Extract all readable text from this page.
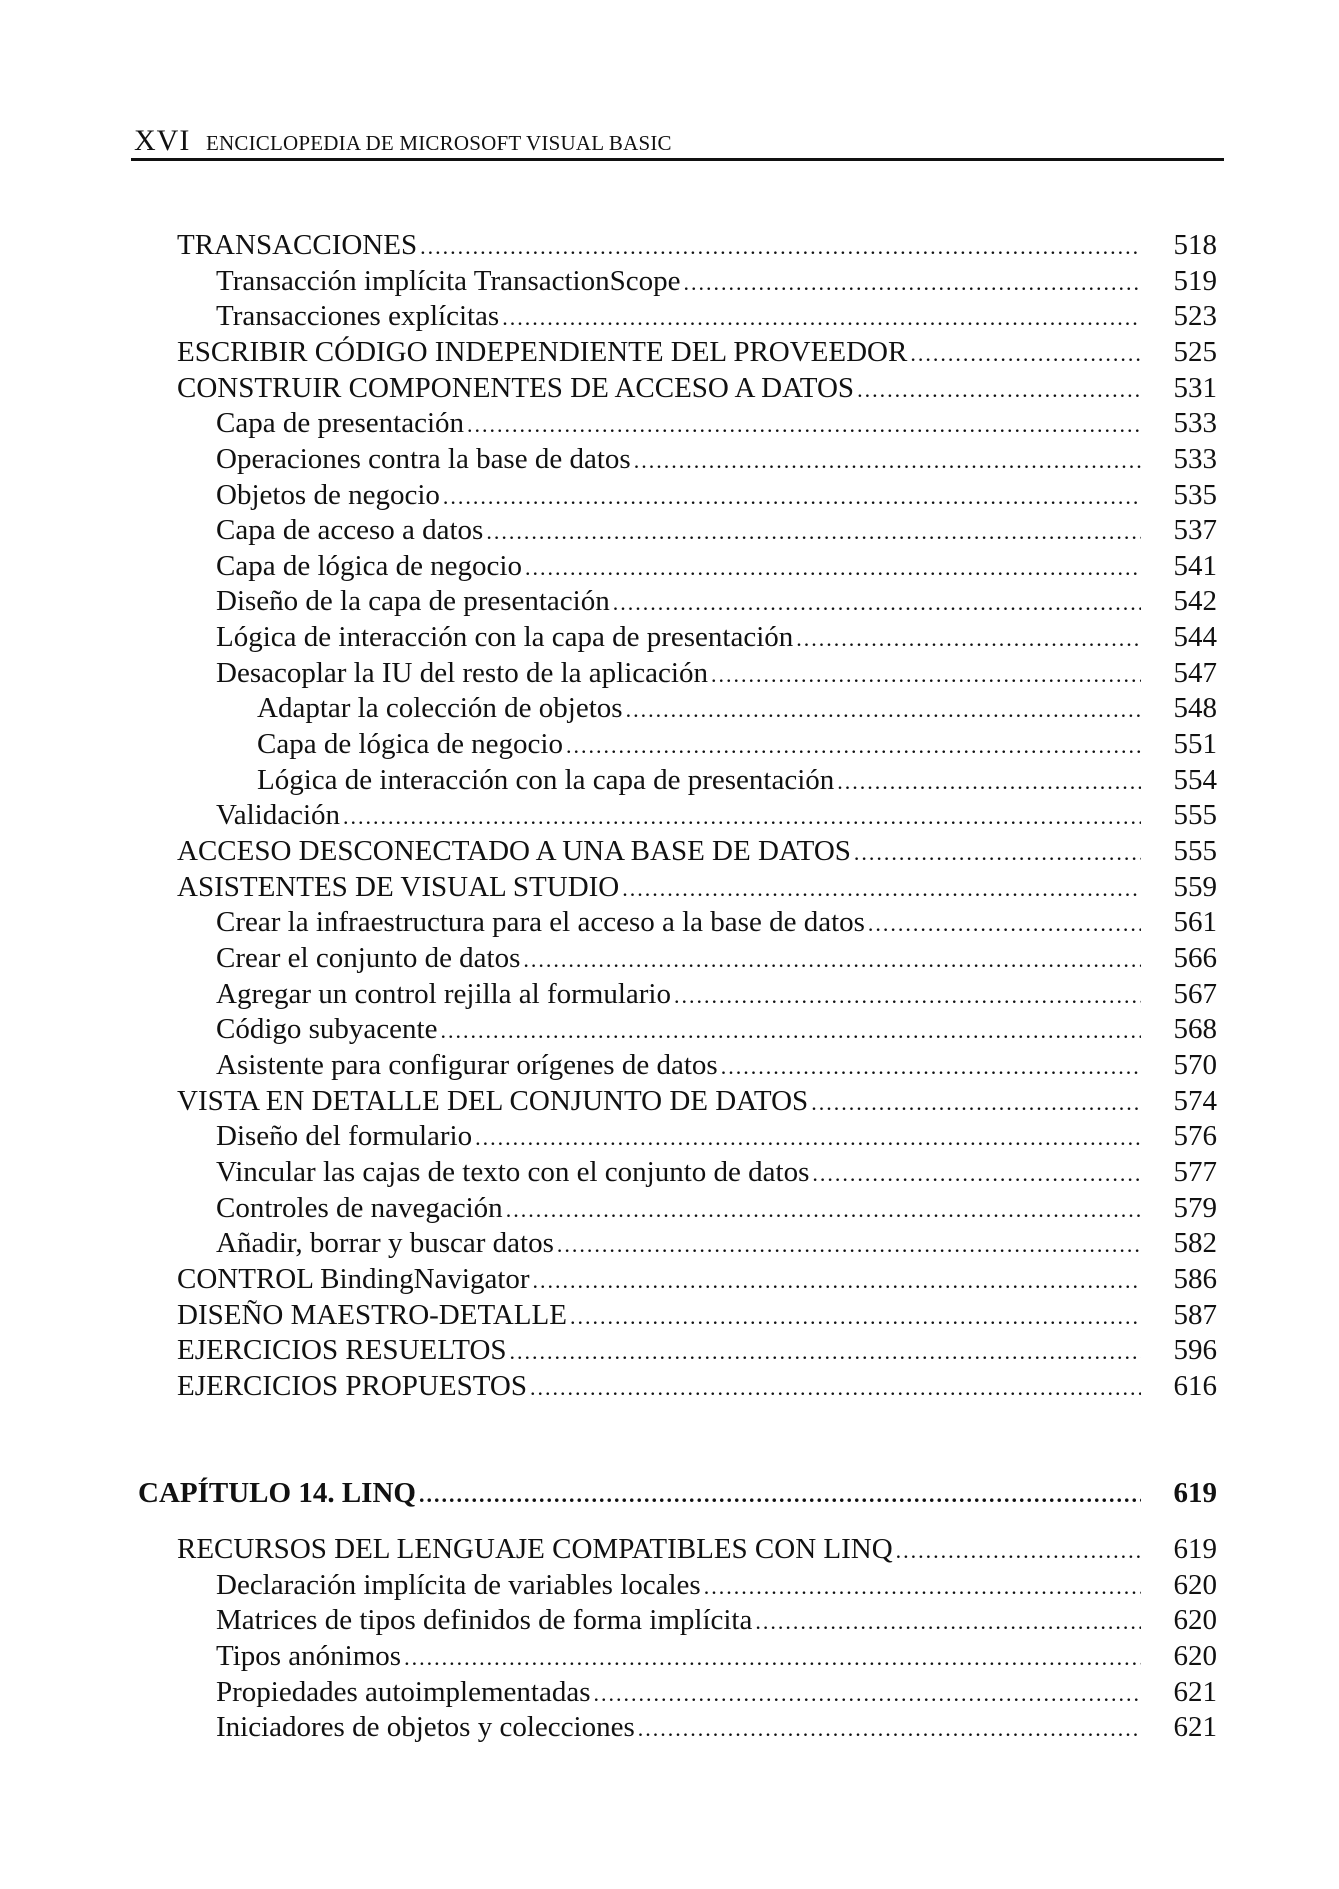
XVI ENCICLOPEDIA DE MICROSOFT VISUAL BASIC
TRANSACCIONES .....	518
Transacción implícita TransactionScope .....	519
Transacciones explícitas .....	523
ESCRIBIR CÓDIGO INDEPENDIENTE DEL PROVEEDOR .....	525
CONSTRUIR COMPONENTES DE ACCESO A DATOS .....	531
Capa de presentación .....	533
Operaciones contra la base de datos .....	533
Objetos de negocio .....	535
Capa de acceso a datos .....	537
Capa de lógica de negocio .....	541
Diseño de la capa de presentación .....	542
Lógica de interacción con la capa de presentación .....	544
Desacoplar la IU del resto de la aplicación .....	547
Adaptar la colección de objetos .....	548
Capa de lógica de negocio .....	551
Lógica de interacción con la capa de presentación .....	554
Validación .....	555
ACCESO DESCONECTADO A UNA BASE DE DATOS .....	555
ASISTENTES DE VISUAL STUDIO .....	559
Crear la infraestructura para el acceso a la base de datos .....	561
Crear el conjunto de datos .....	566
Agregar un control rejilla al formulario .....	567
Código subyacente .....	568
Asistente para configurar orígenes de datos .....	570
VISTA EN DETALLE DEL CONJUNTO DE DATOS .....	574
Diseño del formulario .....	576
Vincular las cajas de texto con el conjunto de datos .....	577
Controles de navegación .....	579
Añadir, borrar y buscar datos .....	582
CONTROL BindingNavigator .....	586
DISEÑO MAESTRO-DETALLE .....	587
EJERCICIOS RESUELTOS .....	596
EJERCICIOS PROPUESTOS .....	616
CAPÍTULO 14. LINQ .....	619
RECURSOS DEL LENGUAJE COMPATIBLES CON LINQ .....	619
Declaración implícita de variables locales .....	620
Matrices de tipos definidos de forma implícita .....	620
Tipos anónimos .....	620
Propiedades autoimplementadas .....	621
Iniciadores de objetos y colecciones .....	621
